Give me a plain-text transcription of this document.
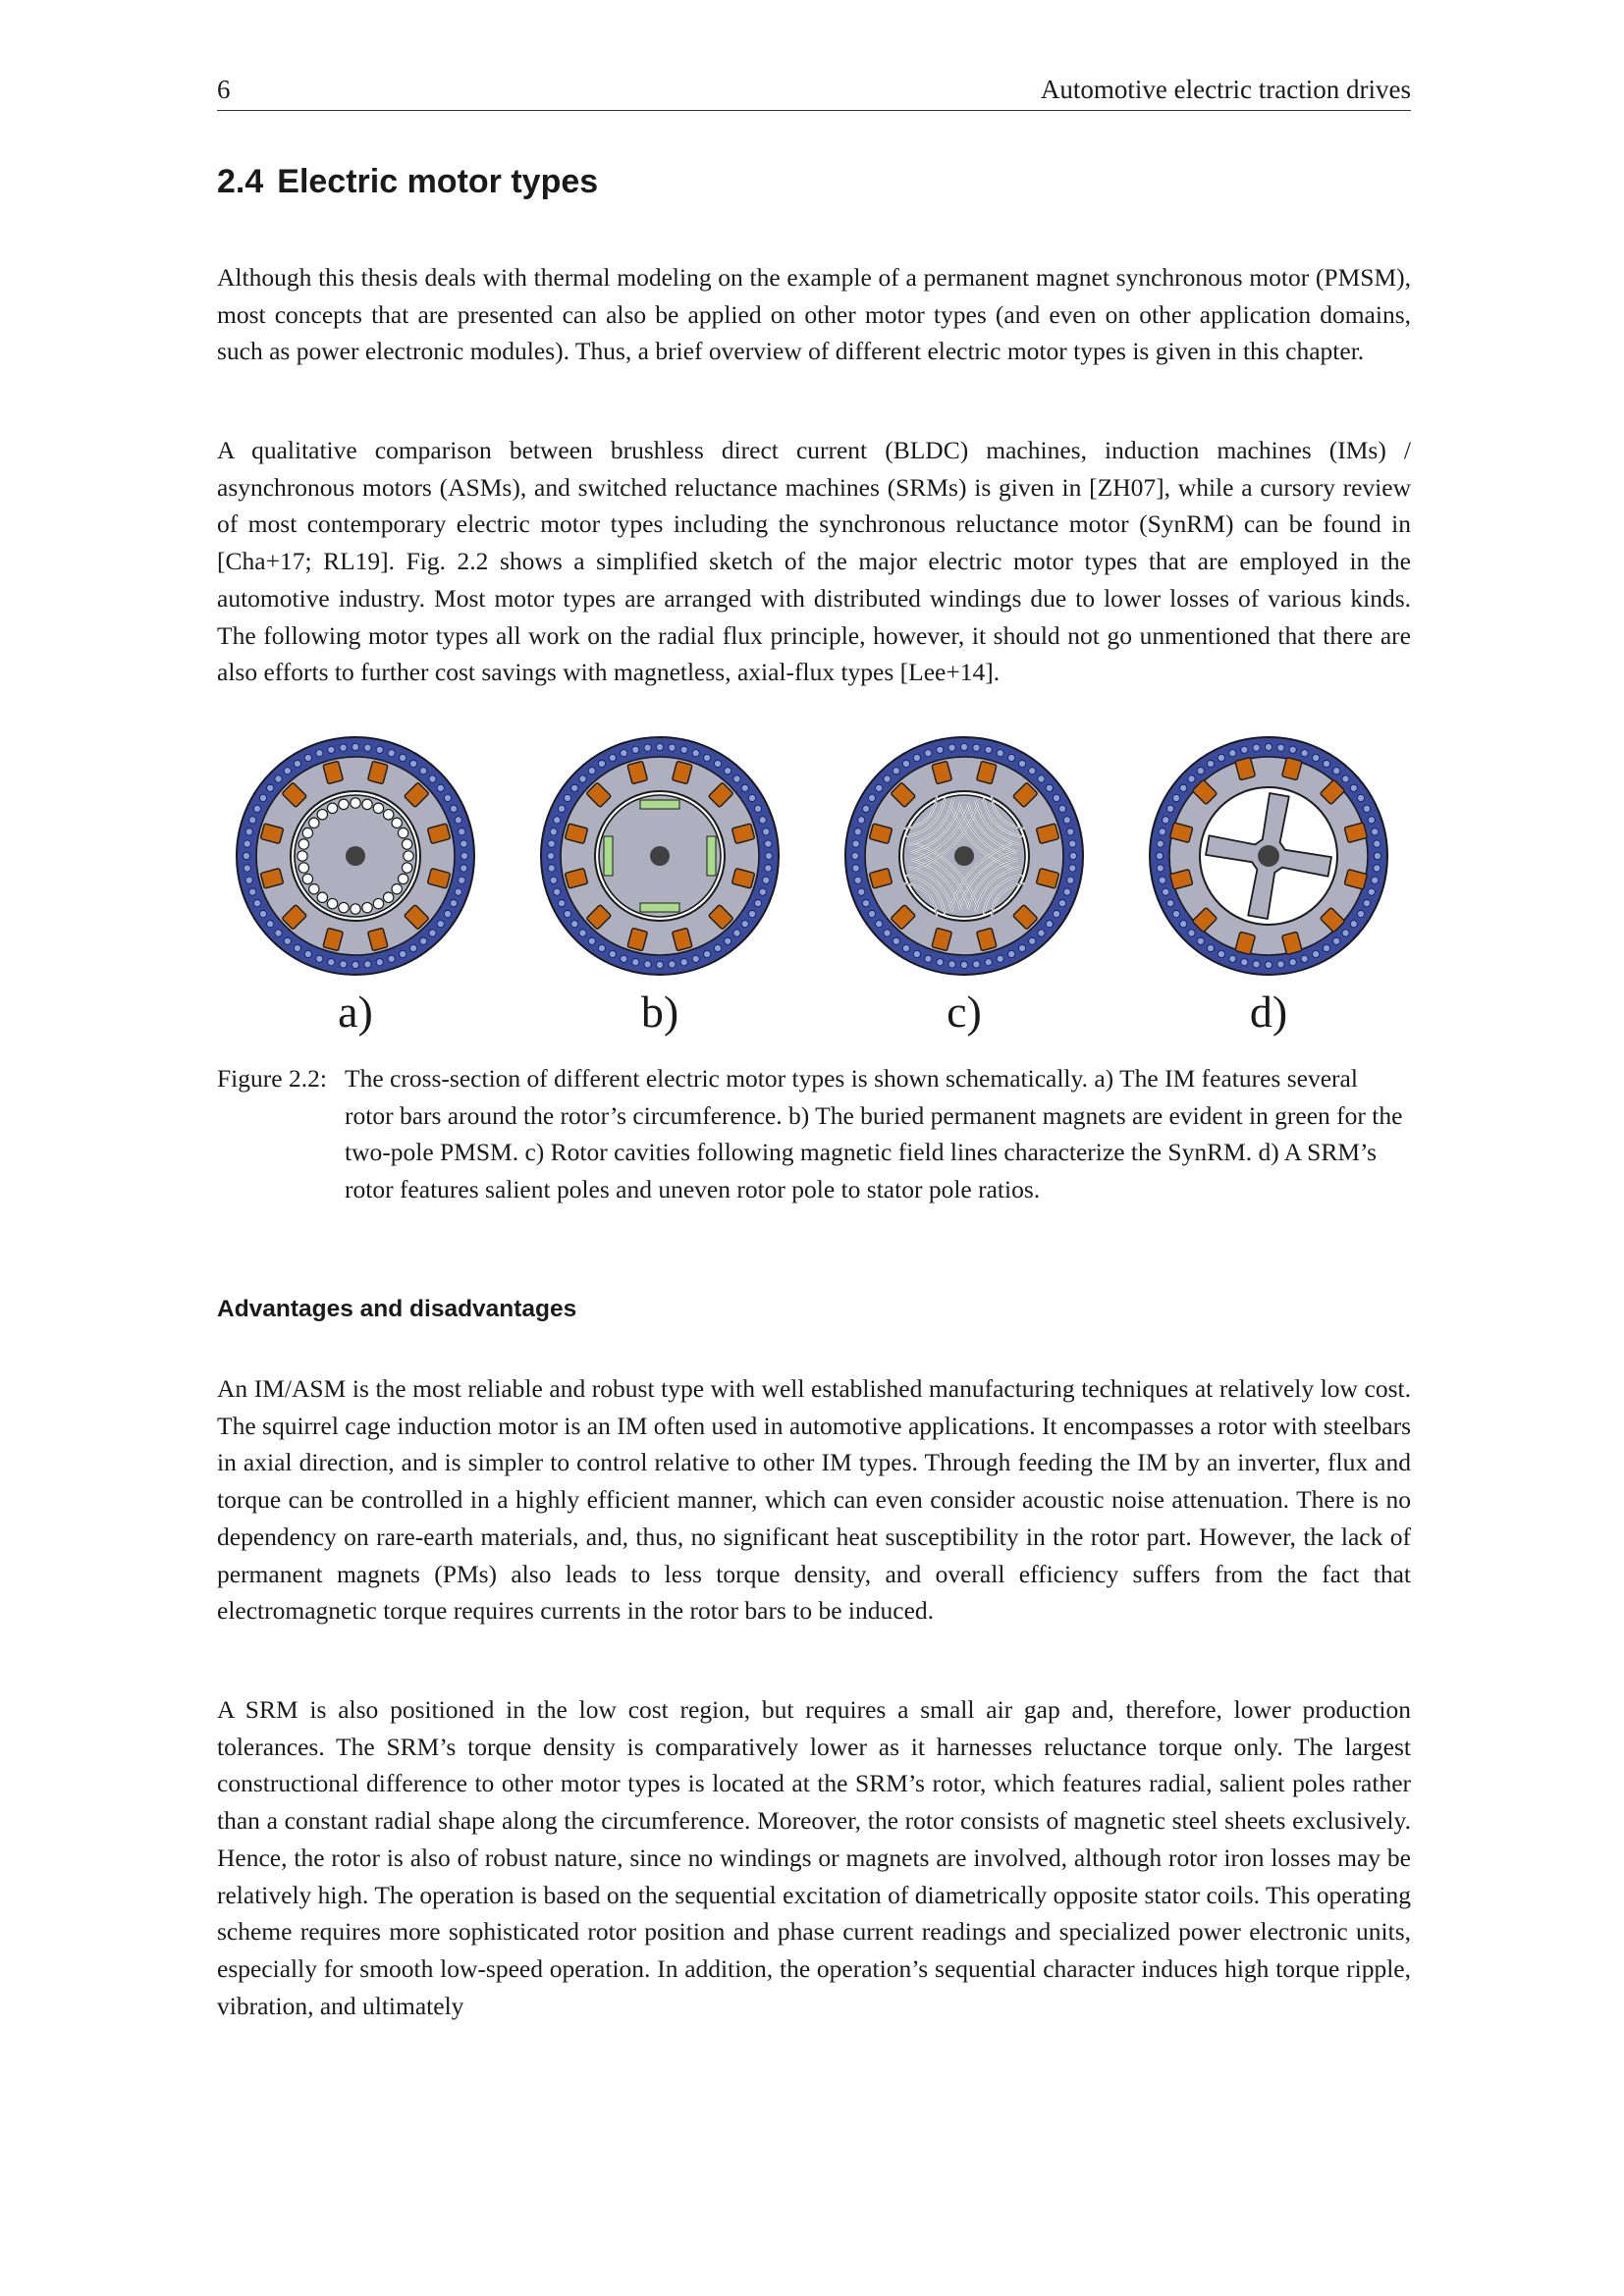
6	Automotive electric traction drives
2.4 Electric motor types

Although this thesis deals with thermal modeling on the example of a permanent magnet synchronous motor (PMSM), most concepts that are presented can also be applied on other motor types (and even on other application domains, such as power electronic modules). Thus, a brief overview of different electric motor types is given in this chapter.

A qualitative comparison between brushless direct current (BLDC) machines, induction machines (IMs) / asynchronous motors (ASMs), and switched reluctance machines (SRMs) is given in [ZH07], while a cursory review of most contemporary electric motor types including the synchronous reluctance motor (SynRM) can be found in [Cha+17; RL19]. Fig. 2.2 shows a simplified sketch of the major electric motor types that are employed in the automotive industry. Most motor types are arranged with distributed windings due to lower losses of various kinds. The following motor types all work on the radial flux principle, however, it should not go unmentioned that there are also efforts to further cost savings with magnetless, axial-flux types [Lee+14].

a)	b)	c)	d)
Figure 2.2: The cross-section of different electric motor types is shown schematically. a) The IM features several rotor bars around the rotor’s circumference. b) The buried permanent magnets are evident in green for the two-pole PMSM. c) Rotor cavities following magnetic field lines characterize the SynRM. d) A SRM’s rotor features salient poles and uneven rotor pole to stator pole ratios.
Advantages and disadvantages

An IM/ASM is the most reliable and robust type with well established manufacturing techniques at relatively low cost. The squirrel cage induction motor is an IM often used in automotive applications. It encompasses a rotor with steelbars in axial direction, and is simpler to control relative to other IM types. Through feeding the IM by an inverter, flux and torque can be controlled in a highly efficient manner, which can even consider acoustic noise attenuation. There is no dependency on rare-earth materials, and, thus, no significant heat susceptibility in the rotor part. However, the lack of permanent magnets (PMs) also leads to less torque density, and overall efficiency suffers from the fact that electromagnetic torque requires currents in the rotor bars to be induced.

A SRM is also positioned in the low cost region, but requires a small air gap and, therefore, lower production tolerances. The SRM’s torque density is comparatively lower as it harnesses reluctance torque only. The largest constructional difference to other motor types is located at the SRM’s rotor, which features radial, salient poles rather than a constant radial shape along the circumference. Moreover, the rotor consists of magnetic steel sheets exclusively. Hence, the rotor is also of robust nature, since no windings or magnets are involved, although rotor iron losses may be relatively high. The operation is based on the sequential excitation of diametrically opposite stator coils. This operating scheme requires more sophisticated rotor position and phase current readings and specialized power electronic units, especially for smooth low-speed operation. In addition, the operation’s sequential character induces high torque ripple, vibration, and ultimately
